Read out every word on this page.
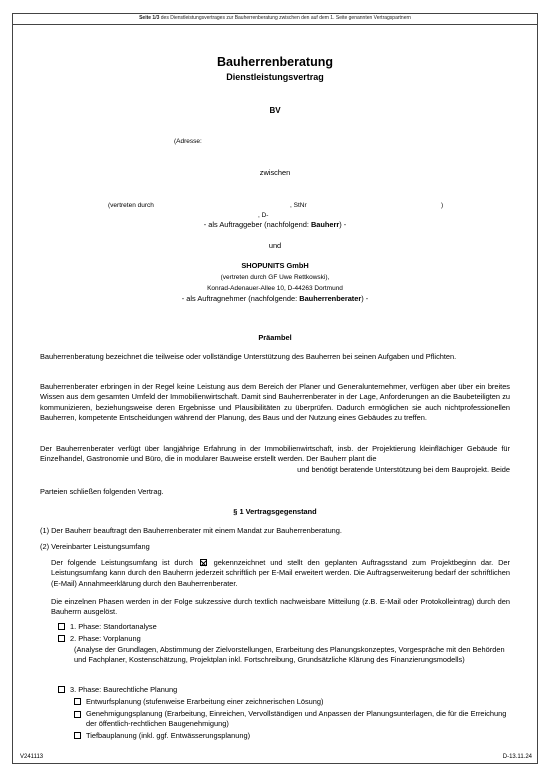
Seite 1/3 des Dienstleistungsvertrages zur Bauherrenberatung zwischen den auf dem 1. Seite genannten Vertragspartnern
Bauherrenberatung
Dienstleistungsvertrag
BV
(Adresse:
zwischen
(vertreten durch	, StNr	)
, D-
- als Auftraggeber (nachfolgend: Bauherr) -
und
SHOPUNITS GmbH
(vertreten durch GF Uwe Rettkowski),
Konrad-Adenauer-Allee 10, D-44263 Dortmund
- als Auftragnehmer (nachfolgende: Bauherrenberater) -
Präambel
Bauherrenberatung bezeichnet die teilweise oder vollständige Unterstützung des Bauherren bei seinen Aufgaben und Pflichten.
Bauherrenberater erbringen in der Regel keine Leistung aus dem Bereich der Planer und Generalunternehmer, verfügen aber über ein breites Wissen aus dem gesamten Umfeld der Immobilienwirtschaft. Damit sind Bauherrenberater in der Lage, Anforderungen an die Baubeteiligten zu kommunizieren, beziehungsweise deren Ergebnisse und Plausibilitäten zu überprüfen. Dadurch ermöglichen sie auch nichtprofessionellen Bauherren, kompetente Entscheidungen während der Planung, des Baus und der Nutzung eines Gebäudes zu treffen.
Der Bauherrenberater verfügt über langjährige Erfahrung in der Immobilienwirtschaft, insb. der Projektierung kleinflächiger Gebäude für Einzelhandel, Gastronomie und Büro, die in modularer Bauweise erstellt werden. Der Bauherr plant die
und benötigt beratende Unterstützung bei dem Bauprojekt. Beide
Parteien schließen folgenden Vertrag.
§ 1 Vertragsgegenstand
(1) Der Bauherr beauftragt den Bauherrenberater mit einem Mandat zur Bauherrenberatung.
(2) Vereinbarter Leistungsumfang
Der folgende Leistungsumfang ist durch	gekennzeichnet und stellt den geplanten Auftragsstand zum Projektbeginn dar. Der Leistungsumfang kann durch den Bauherrn jederzeit schriftlich per E-Mail erweitert werden. Die Auftragserweiterung bedarf der schriftlichen (E-Mail) Annahmeerklärung durch den Bauherrenberater.
Die einzelnen Phasen werden in der Folge sukzessive durch textlich nachweisbare Mitteilung (z.B. E-Mail oder Protokolleintrag) durch den Bauherrn ausgelöst.
1. Phase: Standortanalyse
2. Phase: Vorplanung
(Analyse der Grundlagen, Abstimmung der Zielvorstellungen, Erarbeitung des Planungskonzeptes, Vorgespräche mit den Behörden und Fachplaner, Kostenschätzung, Projektplan inkl. Fortschreibung, Grundsätzliche Klärung des Finanzierungsmodells)
3. Phase: Baurechtliche Planung
Entwurfsplanung (stufenweise Erarbeitung einer zeichnerischen Lösung)
Genehmigungsplanung (Erarbeitung, Einreichen, Vervollständigen und Anpassen der Planungsunterlagen, die für die Erreichung der öffentlich-rechtlichen Baugenehmigung)
Tiefbauplanung (inkl. ggf. Entwässerungsplanung)
V241113	D-13.11.24
